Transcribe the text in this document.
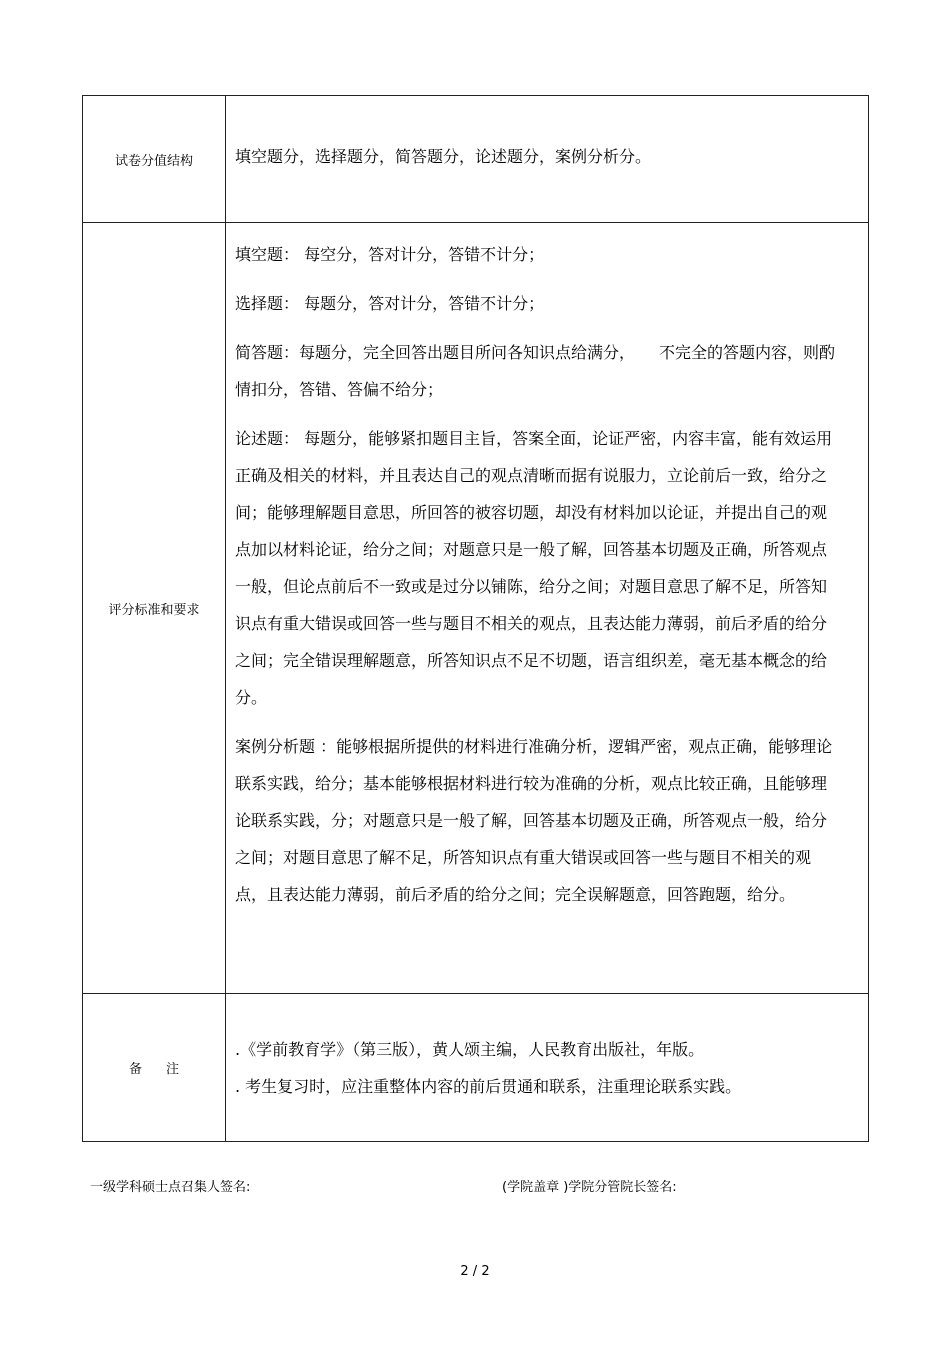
试卷分值结构	填空题分，选择题分，简答题分，论述题分，案例分析分。
评分标准和要求	填空题： 每空分，答对计分，答错不计分；

选择题： 每题分，答对计分，答错不计分；

简答题：每题分，完全回答出题目所问各知识点给满分，　　不完全的答题内容，则酌情扣分，答错、答偏不给分；

论述题： 每题分，能够紧扣题目主旨，答案全面，论证严密，内容丰富，能有效运用正确及相关的材料，并且表达自己的观点清晰而据有说服力，立论前后一致，给分之间；能够理解题目意思，所回答的被容切题，却没有材料加以论证，并提出自己的观点加以材料论证，给分之间；对题意只是一般了解，回答基本切题及正确，所答观点一般，但论点前后不一致或是过分以铺陈，给分之间；对题目意思了解不足，所答知识点有重大错误或回答一些与题目不相关的观点，且表达能力薄弱，前后矛盾的给分之间；完全错误理解题意，所答知识点不足不切题，语言组织差，毫无基本概念的给分。

案例分析题 ：能够根据所提供的材料进行准确分析，逻辑严密，观点正确，能够理论联系实践，给分；基本能够根据材料进行较为准确的分析，观点比较正确，且能够理论联系实践，分；对题意只是一般了解，回答基本切题及正确，所答观点一般，给分之间；对题目意思了解不足，所答知识点有重大错误或回答一些与题目不相关的观点，且表达能力薄弱，前后矛盾的给分之间；完全误解题意，回答跑题，给分。

备注	.《学前教育学》（第三版），黄人颂主编，人民教育出版社，年版。

. 考生复习时，应注重整体内容的前后贯通和联系，注重理论联系实践。

一级学科硕士点召集人签名:	(学院盖章 )学院分管院长签名:
2 / 2
